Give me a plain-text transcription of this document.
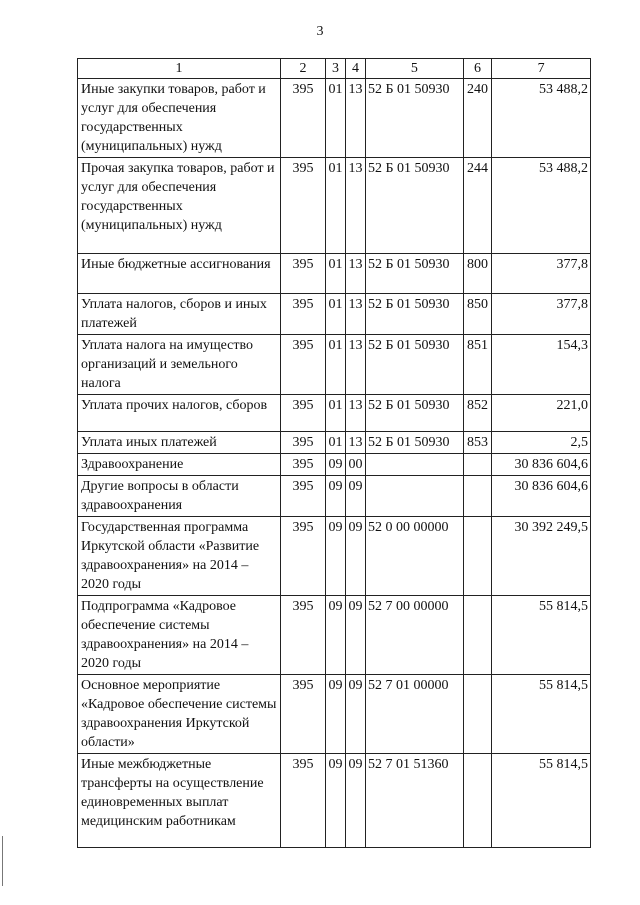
3
1	2	3	4	5	6	7
Иные закупки товаров, работ и услуг для обеспечения государственных (муниципальных) нужд	395	01	13	52 Б 01 50930	240	53 488,2
Прочая закупка товаров, работ и услуг для обеспечения государственных (муниципальных) нужд	395	01	13	52 Б 01 50930	244	53 488,2
Иные бюджетные ассигнования	395	01	13	52 Б 01 50930	800	377,8
Уплата налогов, сборов и иных платежей	395	01	13	52 Б 01 50930	850	377,8
Уплата налога на имущество организаций и земельного налога	395	01	13	52 Б 01 50930	851	154,3
Уплата прочих налогов, сборов	395	01	13	52 Б 01 50930	852	221,0
Уплата иных платежей	395	01	13	52 Б 01 50930	853	2,5
Здравоохранение	395	09	00			30 836 604,6
Другие вопросы в области здравоохранения	395	09	09			30 836 604,6
Государственная программа Иркутской области «Развитие здравоохранения» на 2014 – 2020 годы	395	09	09	52 0 00 00000		30 392 249,5
Подпрограмма «Кадровое обеспечение системы здравоохранения» на 2014 – 2020 годы	395	09	09	52 7 00 00000		55 814,5
Основное мероприятие «Кадровое обеспечение системы здравоохранения Иркутской области»	395	09	09	52 7 01 00000		55 814,5
Иные межбюджетные трансферты на осуществление единовременных выплат медицинским работникам	395	09	09	52 7 01 51360		55 814,5
